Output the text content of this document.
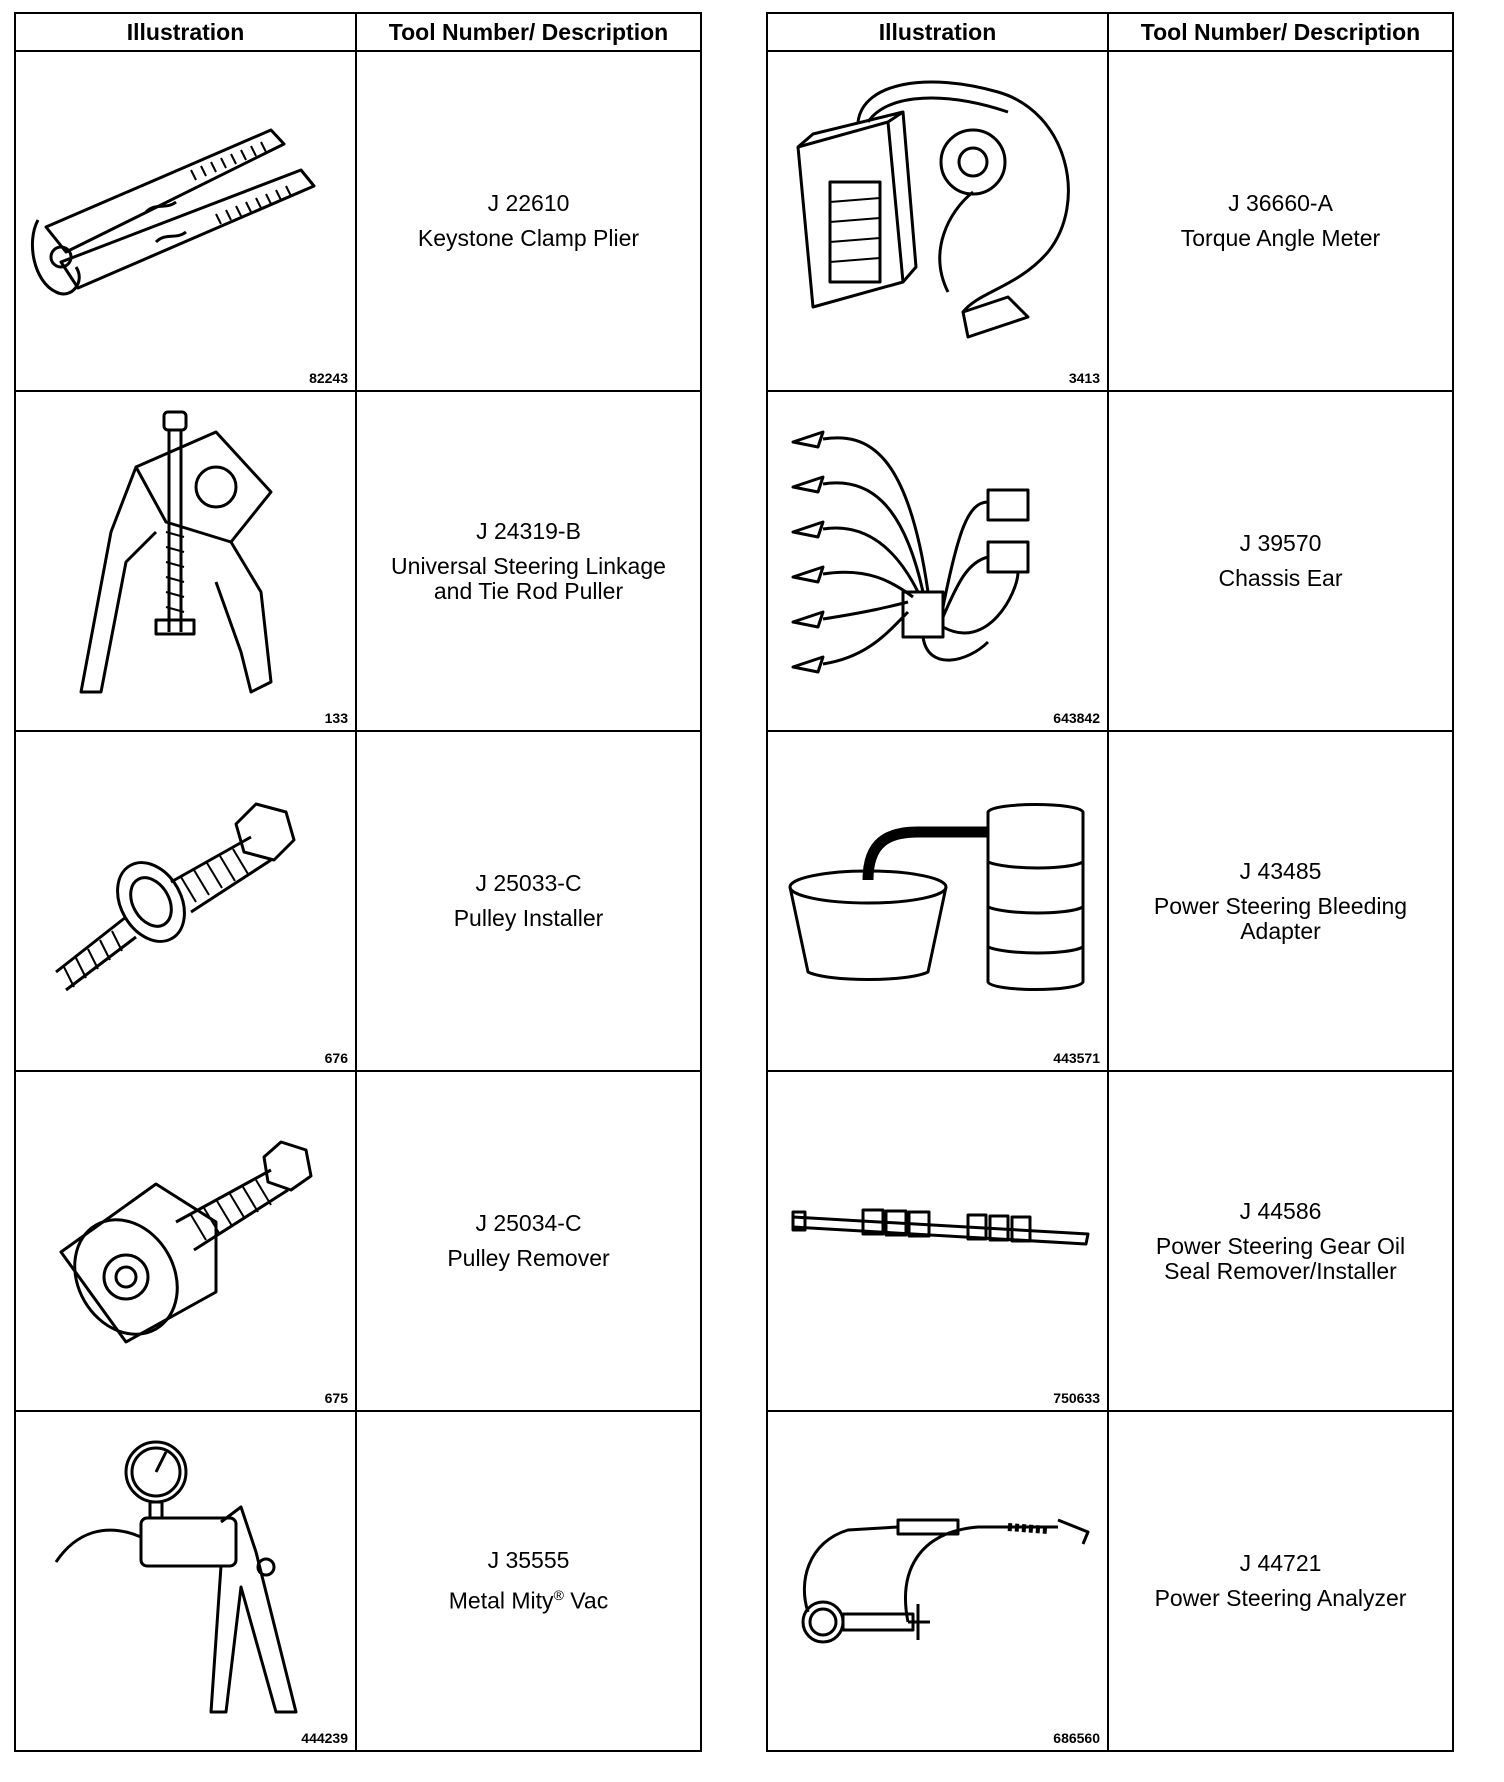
Illustration	Tool Number/ Description

82243	J 22610
Keystone Clamp Plier

133	J 24319-B
Universal Steering Linkage
and Tie Rod Puller

676	J 25033-C
Pulley Installer

675	J 25034-C
Pulley Remover

444239	J 35555
Metal Mity® Vac
Illustration	Tool Number/ Description

3413	J 36660-A
Torque Angle Meter

643842	J 39570
Chassis Ear

443571	J 43485
Power Steering Bleeding
Adapter

750633	J 44586
Power Steering Gear Oil
Seal Remover/Installer

686560	J 44721
Power Steering Analyzer
